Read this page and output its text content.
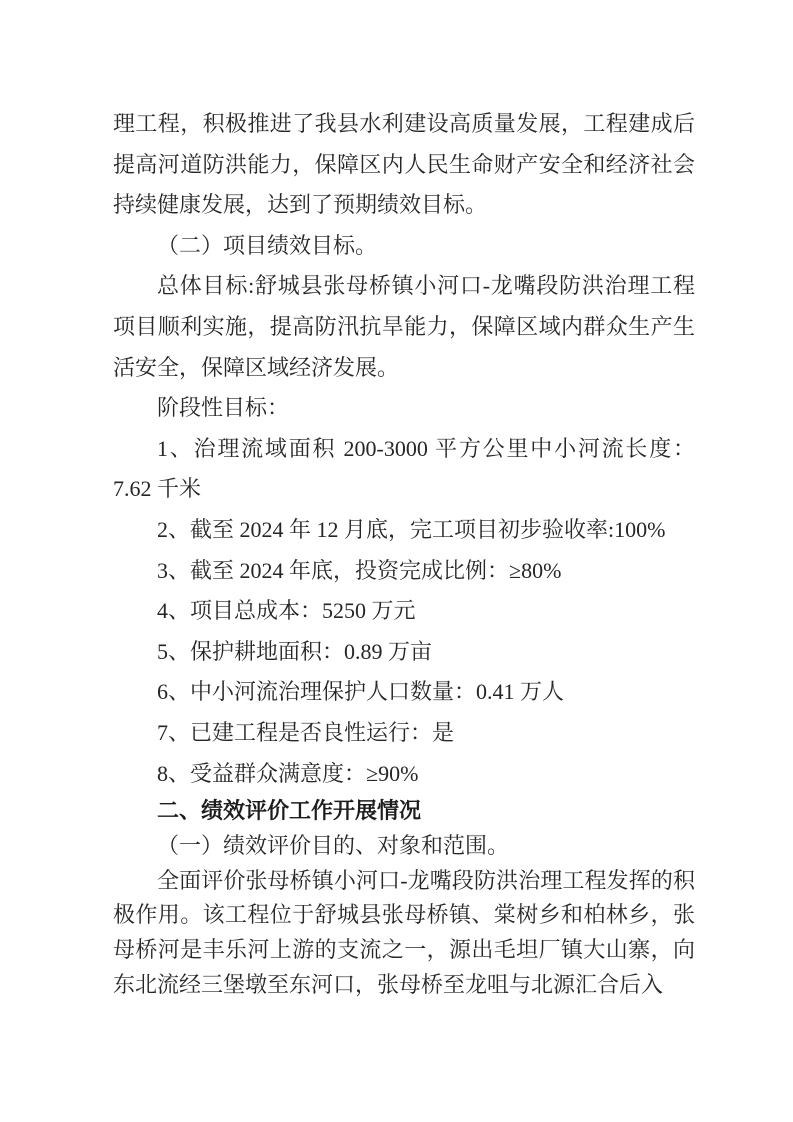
理工程，积极推进了我县水利建设高质量发展，工程建成后提高河道防洪能力，保障区内人民生命财产安全和经济社会持续健康发展，达到了预期绩效目标。

（二）项目绩效目标。

总体目标:舒城县张母桥镇小河口-龙嘴段防洪治理工程项目顺利实施，提高防汛抗旱能力，保障区域内群众生产生活安全，保障区域经济发展。

阶段性目标：

1、治理流域面积 200-3000 平方公里中小河流长度：7.62 千米

2、截至 2024 年 12 月底，完工项目初步验收率:100%

3、截至 2024 年底，投资完成比例：≥80%

4、项目总成本：5250 万元

5、保护耕地面积：0.89 万亩

6、中小河流治理保护人口数量：0.41 万人

7、已建工程是否良性运行：是

8、受益群众满意度：≥90%

二、绩效评价工作开展情况

（一）绩效评价目的、对象和范围。

全面评价张母桥镇小河口-龙嘴段防洪治理工程发挥的积极作用。该工程位于舒城县张母桥镇、棠树乡和柏林乡，张母桥河是丰乐河上游的支流之一，源出毛坦厂镇大山寨，向东北流经三堡墩至东河口，张母桥至龙咀与北源汇合后入
